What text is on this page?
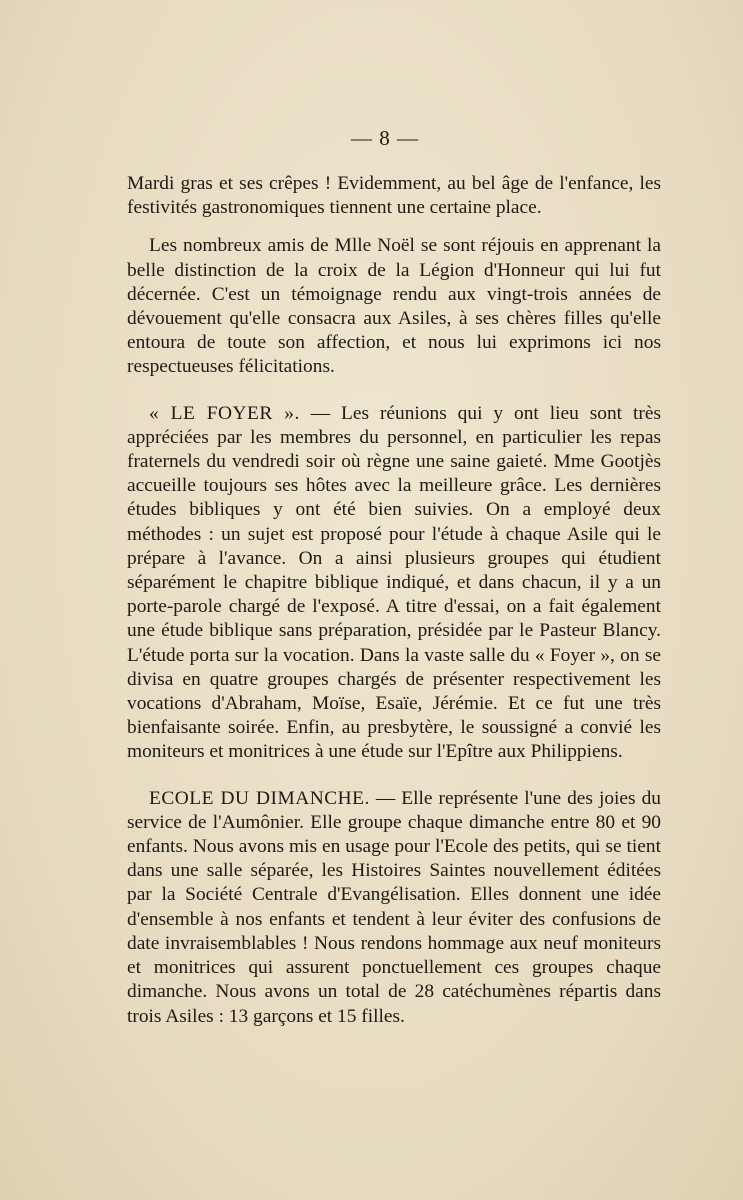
— 8 —

Mardi gras et ses crêpes ! Evidemment, au bel âge de l'enfance, les festivités gastronomiques tiennent une certaine place.

Les nombreux amis de Mlle Noël se sont réjouis en apprenant la belle distinction de la croix de la Légion d'Honneur qui lui fut décernée. C'est un témoignage rendu aux vingt-trois années de dévouement qu'elle consacra aux Asiles, à ses chères filles qu'elle entoura de toute son affection, et nous lui exprimons ici nos respectueuses félicitations.

« LE FOYER ». — Les réunions qui y ont lieu sont très appréciées par les membres du personnel, en particulier les repas fraternels du vendredi soir où règne une saine gaieté. Mme Gootjès accueille toujours ses hôtes avec la meilleure grâce. Les dernières études bibliques y ont été bien suivies. On a employé deux méthodes : un sujet est proposé pour l'étude à chaque Asile qui le prépare à l'avance. On a ainsi plusieurs groupes qui étudient séparément le chapitre biblique indiqué, et dans chacun, il y a un porte-parole chargé de l'exposé. A titre d'essai, on a fait également une étude biblique sans préparation, présidée par le Pasteur Blancy. L'étude porta sur la vocation. Dans la vaste salle du « Foyer », on se divisa en quatre groupes chargés de présenter respectivement les vocations d'Abraham, Moïse, Esaïe, Jérémie. Et ce fut une très bienfaisante soirée. Enfin, au presbytère, le soussigné a convié les moniteurs et monitrices à une étude sur l'Epître aux Philippiens.

ECOLE DU DIMANCHE. — Elle représente l'une des joies du service de l'Aumônier. Elle groupe chaque dimanche entre 80 et 90 enfants. Nous avons mis en usage pour l'Ecole des petits, qui se tient dans une salle séparée, les Histoires Saintes nouvellement éditées par la Société Centrale d'Evangélisation. Elles donnent une idée d'ensemble à nos enfants et tendent à leur éviter des confusions de date invraisemblables ! Nous rendons hommage aux neuf moniteurs et monitrices qui assurent ponctuellement ces groupes chaque dimanche. Nous avons un total de 28 catéchumènes répartis dans trois Asiles : 13 garçons et 15 filles.
